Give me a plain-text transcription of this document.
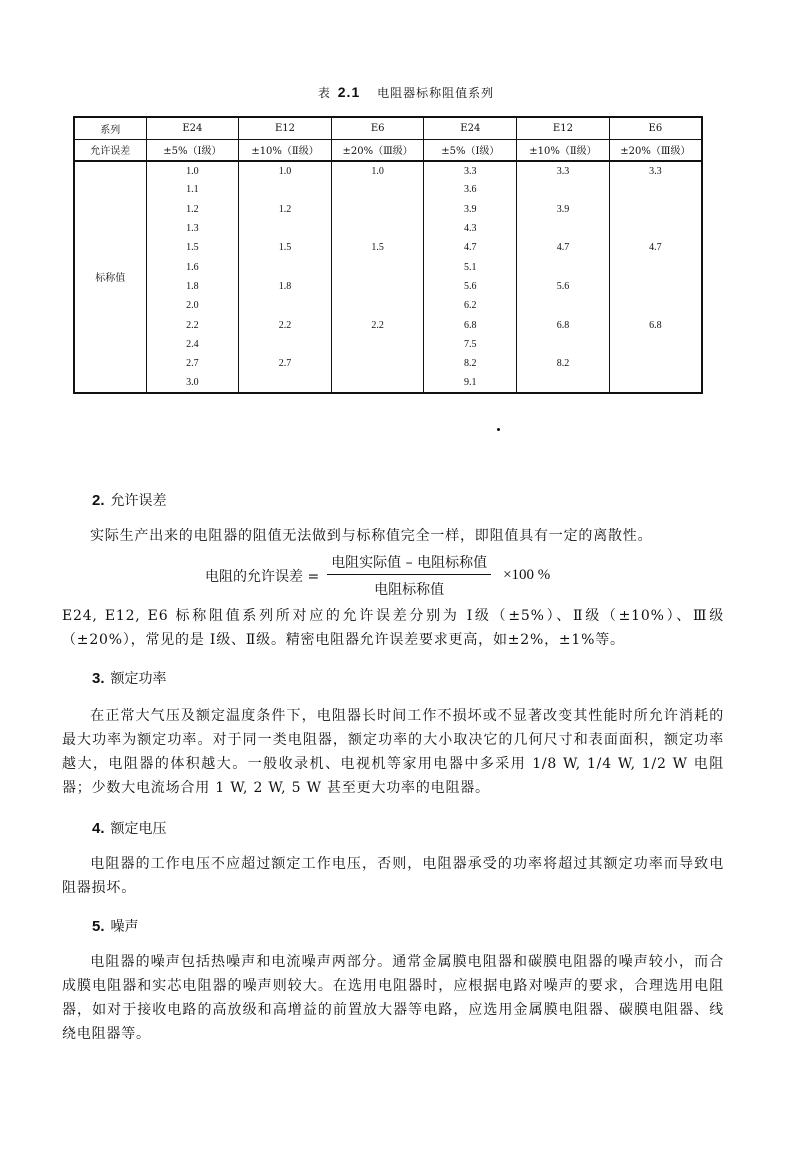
表 2.1 电阻器标称阻值系列
系列	E24	E12	E6	E24	E12	E6
允许误差	±5%（Ⅰ级）	±10%（Ⅱ级）	±20%（Ⅲ级）	±5%（Ⅰ级）	±10%（Ⅱ级）	±20%（Ⅲ级）
标称值	1.0	1.0	1.0	3.3	3.3	3.3
	1.1			3.6		
	1.2	1.2		3.9	3.9	
	1.3			4.3		
	1.5	1.5	1.5	4.7	4.7	4.7
	1.6			5.1		
	1.8	1.8		5.6	5.6	
	2.0			6.2		
	2.2	2.2	2.2	6.8	6.8	6.8
	2.4			7.5		
	2.7	2.7		8.2	8.2	
	3.0			9.1		
2. 允许误差
实际生产出来的电阻器的阻值无法做到与标称值完全一样，即阻值具有一定的离散性。
电阻的允许误差 = $\frac{\text{电阻实际值 – 电阻标称值}}{\text{电阻标称值}} \times 100$ %
E24, E12, E6 标称阻值系列所对应的允许误差分别为 Ⅰ级（±5%）、Ⅱ级（±10%）、Ⅲ级（±20%），常见的是 Ⅰ级、Ⅱ级。精密电阻器允许误差要求更高，如±2%，±1%等。
3. 额定功率
在正常大气压及额定温度条件下，电阻器长时间工作不损坏或不显著改变其性能时所允许消耗的最大功率为额定功率。对于同一类电阻器，额定功率的大小取决它的几何尺寸和表面面积，额定功率越大，电阻器的体积越大。一般收录机、电视机等家用电器中多采用 1/8 W, 1/4 W, 1/2 W 电阻器；少数大电流场合用 1 W, 2 W, 5 W 甚至更大功率的电阻器。
4. 额定电压
电阻器的工作电压不应超过额定工作电压，否则，电阻器承受的功率将超过其额定功率而导致电阻器损坏。
5. 噪声
电阻器的噪声包括热噪声和电流噪声两部分。通常金属膜电阻器和碳膜电阻器的噪声较小，而合成膜电阻器和实芯电阻器的噪声则较大。在选用电阻器时，应根据电路对噪声的要求，合理选用电阻器，如对于接收电路的高放级和高增益的前置放大器等电路，应选用金属膜电阻器、碳膜电阻器、线绕电阻器等。
